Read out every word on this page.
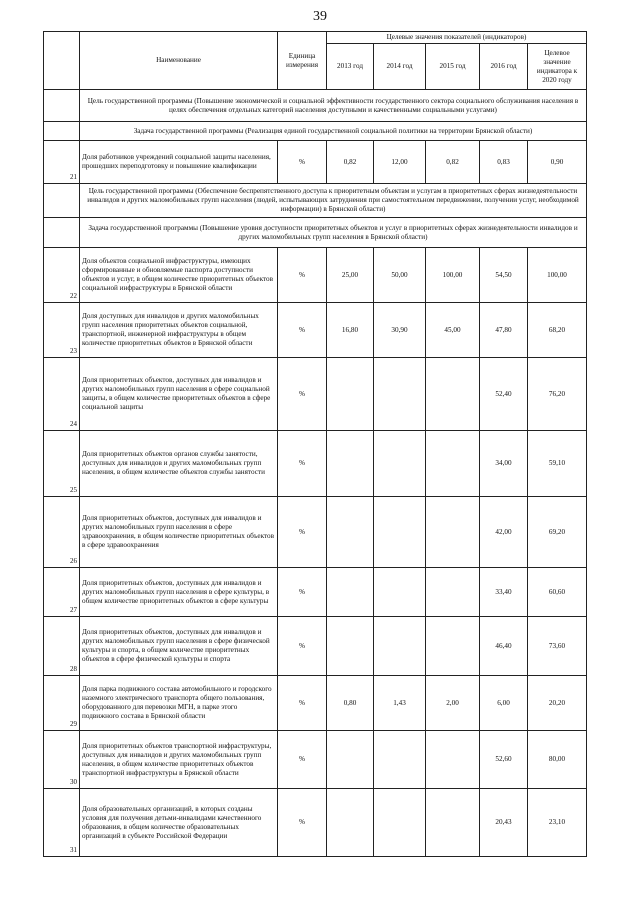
39
	Наименование	Единица измерения	Целевые значения показателей (индикаторов)				
			2013 год	2014 год	2015 год	2016 год	Целевое значение индикатора к 2020 году
	Цель государственной программы (Повышение экономической и социальной эффективности государственного сектора социального обслуживания населения в целях обеспечения отдельных категорий населения доступными и качественными социальными услугами)						
	Задача государственной программы (Реализация единой государственной социальной политики на территории Брянской области)						
21	Доля работников учреждений социальной защиты населения, прошедших переподготовку и повышение квалификации	%	0,82	12,00	0,82	0,83	0,90
	Цель государственной программы (Обеспечение беспрепятственного доступа к приоритетным объектам и услугам в приоритетных сферах жизнедеятельности инвалидов и других маломобильных групп населения (людей, испытывающих затруднения при самостоятельном передвижении, получении услуг, необходимой информации) в Брянской области)						
	Задача государственной программы (Повышение уровня доступности приоритетных объектов и услуг в приоритетных сферах жизнедеятельности инвалидов и других маломобильных групп населения в Брянской области)						
22	Доля объектов социальной инфраструктуры, имеющих сформированные и обновляемые паспорта доступности объектов и услуг, в общем количестве приоритетных объектов социальной инфраструктуры в Брянской области	%	25,00	50,00	100,00	54,50	100,00
23	Доля доступных для инвалидов и других маломобильных групп населения приоритетных объектов социальной, транспортной, инженерной инфраструктуры в общем количестве приоритетных объектов в Брянской области	%	16,80	30,90	45,00	47,80	68,20
24	Доля приоритетных объектов, доступных для инвалидов и других маломобильных групп населения в сфере социальной защиты, в общем количестве приоритетных объектов в сфере социальной защиты	%				52,40	76,20
25	Доля приоритетных объектов органов службы занятости, доступных для инвалидов и других маломобильных групп населения, в общем количестве объектов службы занятости	%				34,00	59,10
26	Доля приоритетных объектов, доступных для инвалидов и других маломобильных групп населения в сфере здравоохранения, в общем количестве приоритетных объектов в сфере здравоохранения	%				42,00	69,20
27	Доля приоритетных объектов, доступных для инвалидов и других маломобильных групп населения в сфере культуры, в общем количестве приоритетных объектов в сфере культуры	%				33,40	60,60
28	Доля приоритетных объектов, доступных для инвалидов и других маломобильных групп населения в сфере физической культуры и спорта, в общем количестве приоритетных объектов в сфере физической культуры и спорта	%				46,40	73,60
29	Доля парка подвижного состава автомобильного и городского наземного электрического транспорта общего пользования, оборудованного для перевозки МГН, в парке этого подвижного состава в Брянской области	%	0,80	1,43	2,00	6,00	20,20
30	Доля приоритетных объектов транспортной инфраструктуры, доступных для инвалидов и других маломобильных групп населения, в общем количестве приоритетных объектов транспортной инфраструктуры в Брянской области	%				52,60	80,00
31	Доля образовательных организаций, в которых созданы условия для получения детьми-инвалидами качественного образования, в общем количестве образовательных организаций в субъекте Российской Федерации	%				20,43	23,10
